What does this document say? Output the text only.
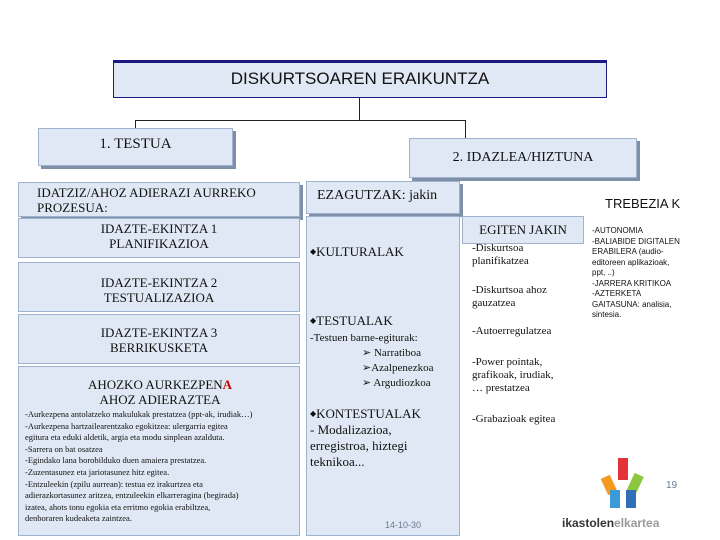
DISKURTSOAREN ERAIKUNTZA
1. TESTUA
2. IDAZLEA/HIZTUNA
IDATZIZ/AHOZ ADIERAZI AURREKO PROZESUA:
IDAZTE-EKINTZA 1
PLANIFIKAZIOA
IDAZTE-EKINTZA 2
TESTUALIZAZIOA
IDAZTE-EKINTZA 3
BERRIKUSKETA
AHOZKO AURKEZPENA
AHOZ ADIERAZTEA
-Aurkezpena antolatzeko makulukak prestatzea (ppt-ak, irudiak…)
-Aurkezpena hartzailearentzako egokitzea: ulergarria egitea
egitura eta eduki aldetik, argia eta modu sinplean azalduta.
-Sarrera on bat osatzea
-Egindako lana borobilduko duen amaiera prestatzea.
-Zuzentasunez eta jariotasunez hitz egitea.
-Entzuleekin (zpilu aurrean): testua ez irakurtzea eta
adierazkortasunez aritzea, entzuleekin elkarreragina (begirada)
izatea, ahots tonu egokia eta erritmo egokia erabiltzea,
denboraren kudeaketa zaintzea.
EZAGUTZAK: jakin
◆KULTURALAK
◆TESTUALAK
-Testuen barne-egiturak:
➢ Narratiboa
➢Azalpenezkoa
➢ Argudiozkoa
◆KONTESTUALAK
- Modalizazioa,
erregistroa, hiztegi
teknikoa...
14-10-30
EGITEN JAKIN
-Diskurtsoa
planifikatzea
-Diskurtsoa ahoz
gauzatzea
-Autoerregulatzea
-Power pointak,
grafikoak, irudiak,
… prestatzea
-Grabazioak egitea
TREBEZIA K
-AUTONOMIA
-BALIABIDE DIGITALEN
ERABILERA (audio-
editoreen aplikazioak,
ppt, ..)
-JARRERA KRITIKOA
-AZTERKETA
GAITASUNA: analisia,
sintesia.
19
ikastolenelkartea
